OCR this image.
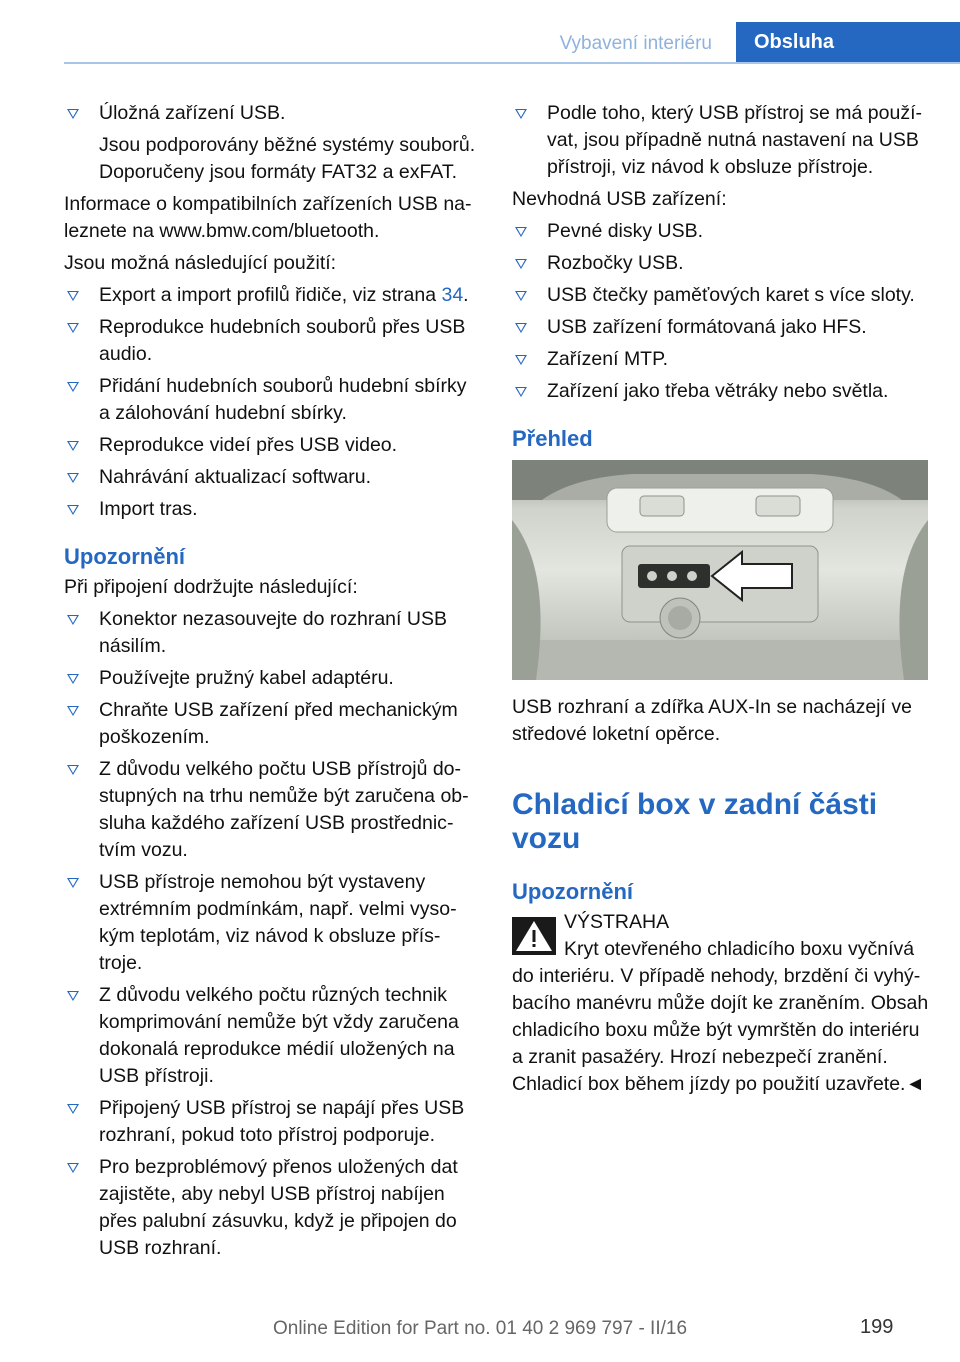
Vybavení interiéru	Obsluha
Úložná zařízení USB.

Jsou podporovány běžné systémy souborů. Doporučeny jsou formáty FAT32 a exFAT.

Informace o kompatibilních zařízeních USB naleznete na www.bmw.com/bluetooth.

Jsou možná následující použití:

Export a import profilů řidiče, viz strana 34.
Reprodukce hudebních souborů přes USB audio.
Přidání hudebních souborů hudební sbírky a zálohování hudební sbírky.
Reprodukce videí přes USB video.
Nahrávání aktualizací softwaru.
Import tras.
Upozornění

Při připojení dodržujte následující:

Konektor nezasouvejte do rozhraní USB násilím.
Používejte pružný kabel adaptéru.
Chraňte USB zařízení před mechanickým poškozením.
Z důvodu velkého počtu USB přístrojů dostupných na trhu nemůže být zaručena obsluha každého zařízení USB prostřednictvím vozu.
USB přístroje nemohou být vystaveny extrémním podmínkám, např. velmi vysokým teplotám, viz návod k obsluze přístroje.
Z důvodu velkého počtu různých technik komprimování nemůže být vždy zaručena dokonalá reprodukce médií uložených na USB přístroji.
Připojený USB přístroj se napájí přes USB rozhraní, pokud toto přístroj podporuje.
Pro bezproblémový přenos uložených dat zajistěte, aby nebyl USB přístroj nabíjen přes palubní zásuvku, když je připojen do USB rozhraní.
Podle toho, který USB přístroj se má používat, jsou případně nutná nastavení na USB přístroji, viz návod k obsluze přístroje.

Nevhodná USB zařízení:

Pevné disky USB.
Rozbočky USB.
USB čtečky paměťových karet s více sloty.
USB zařízení formátovaná jako HFS.
Zařízení MTP.
Zařízení jako třeba větráky nebo světla.
Přehled

USB rozhraní a zdířka AUX-In se nacházejí ve středové loketní opěrce.

Chladicí box v zadní části vozu
Upozornění
VÝSTRAHA
Kryt otevřeného chladicího boxu vyčnívá do interiéru. V případě nehody, brzdění či vyhýbacího manévru může dojít ke zraněním. Obsah chladicího boxu může být vymrštěn do interiéru a zranit pasažéry. Hrozí nebezpečí zranění. Chladicí box během jízdy po použití uzavřete.◄
199
Online Edition for Part no. 01 40 2 969 797 - II/16
